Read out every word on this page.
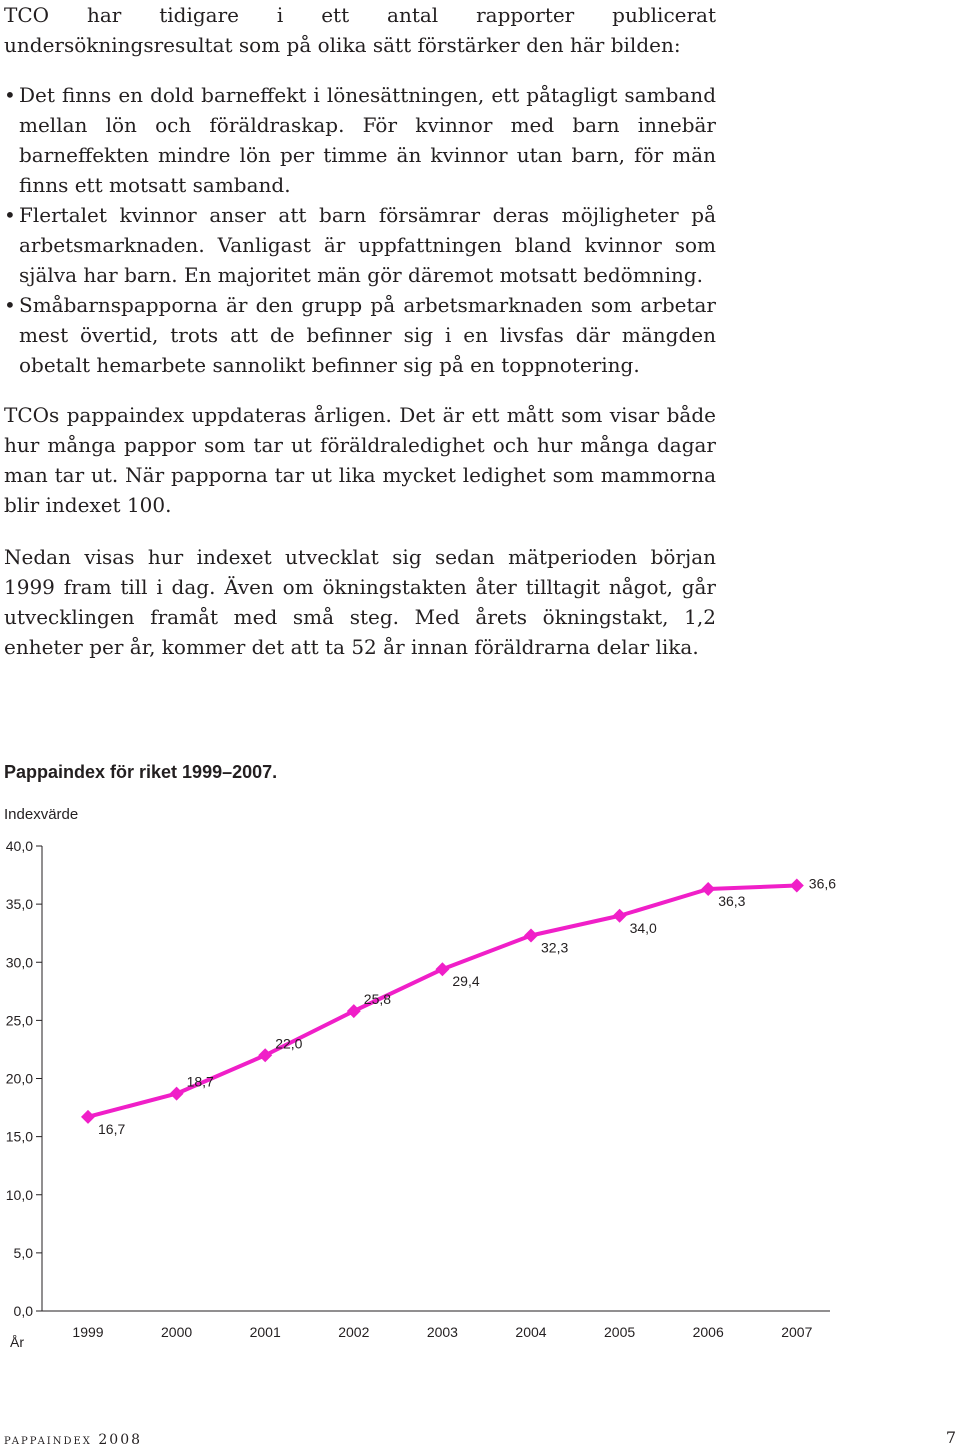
TCO har tidigare i ett antal rapporter publicerat undersökningsresultat som på olika sätt förstärker den här bilden:

• Det finns en dold barneffekt i lönesättningen, ett påtagligt samband mellan lön och föräldraskap. För kvinnor med barn innebär barneffekten mindre lön per timme än kvinnor utan barn, för män finns ett motsatt samband.
• Flertalet kvinnor anser att barn försämrar deras möjligheter på arbetsmarknaden. Vanligast är uppfattningen bland kvinnor som själva har barn. En majoritet män gör däremot motsatt bedömning.
• Småbarnspapporna är den grupp på arbetsmarknaden som arbetar mest övertid, trots att de befinner sig i en livsfas där mängden obetalt hemarbete sannolikt befinner sig på en toppnotering.

TCOs pappaindex uppdateras årligen. Det är ett mått som visar både hur många pappor som tar ut föräldraledighet och hur många dagar man tar ut. När papporna tar ut lika mycket ledighet som mammorna blir indexet 100.

Nedan visas hur indexet utvecklat sig sedan mätperioden början 1999 fram till i dag. Även om ökningstakten åter tilltagit något, går utvecklingen framåt med små steg. Med årets ökningstakt, 1,2 enheter per år, kommer det att ta 52 år innan föräldrarna delar lika.

Pappaindex för riket 1999–2007.
Indexvärde
0,0
5,0
10,0
15,0
20,0
25,0
30,0
35,0
40,0
1999	2000	2001	2002	2003	2004	2005	2006	2007
16,7
18,7
22,0
25,8
29,4
32,3
34,0
36,3
36,6
År
pappaindex 2008	7
